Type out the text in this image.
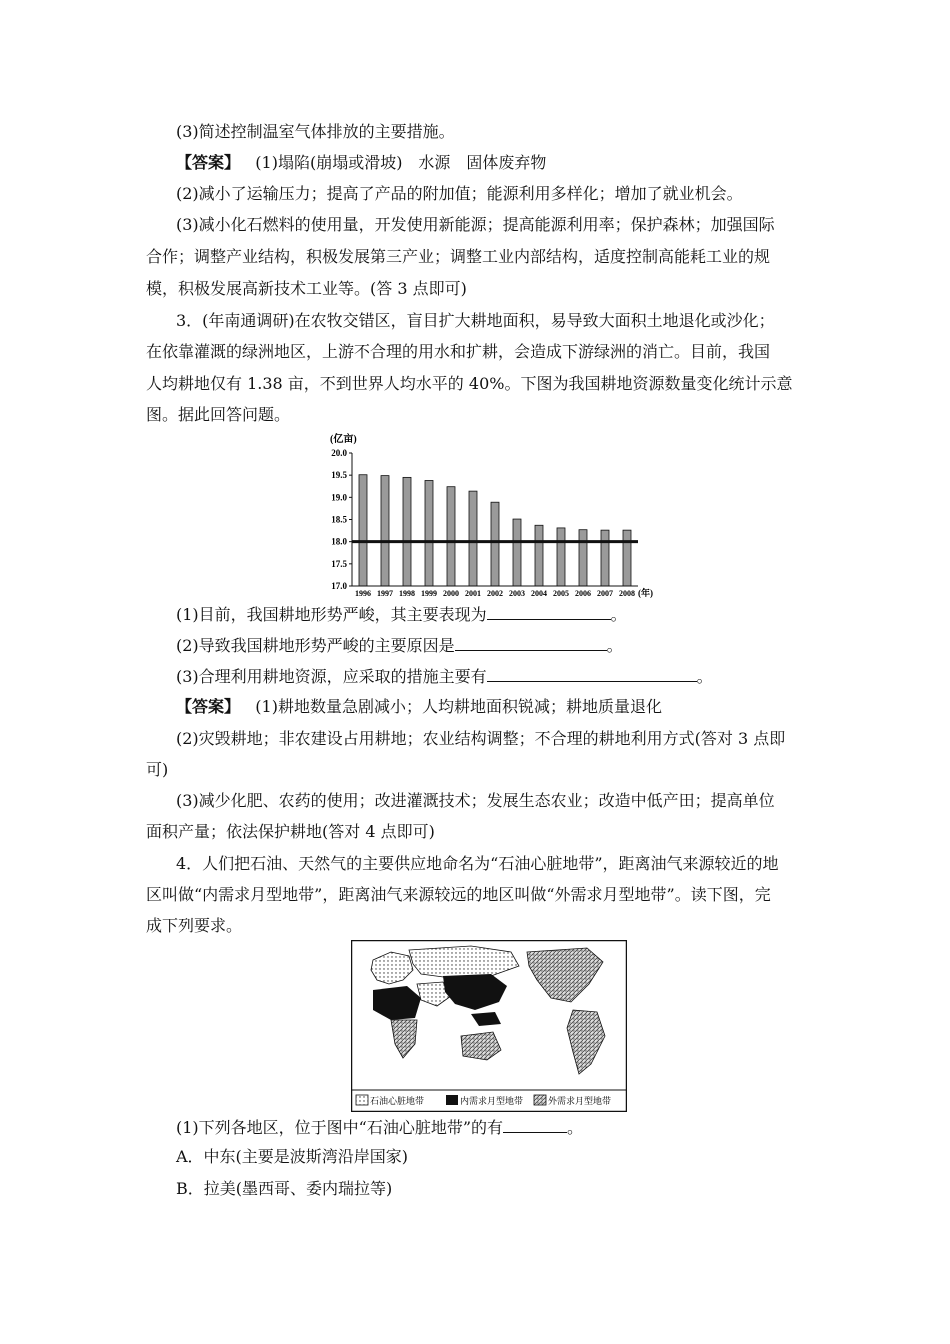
(3)简述控制温室气体排放的主要措施。
【答案】 (1)塌陷(崩塌或滑坡)　水源　固体废弃物
(2)减小了运输压力；提高了产品的附加值；能源利用多样化；增加了就业机会。
(3)减小化石燃料的使用量，开发使用新能源；提高能源利用率；保护森林；加强国际
合作；调整产业结构，积极发展第三产业；调整工业内部结构，适度控制高能耗工业的规
模，积极发展高新技术工业等。(答 3 点即可)
3．(年南通调研)在农牧交错区，盲目扩大耕地面积，易导致大面积土地退化或沙化；
在依靠灌溉的绿洲地区，上游不合理的用水和扩耕，会造成下游绿洲的消亡。目前，我国
人均耕地仅有 1.38 亩，不到世界人均水平的 40%。下图为我国耕地资源数量变化统计示意
图。据此回答问题。
(亿亩)
17.0
17.5
18.0
18.5
19.0
19.5
20.0
1996 1997 1998 1999 2000 2001 2002 2003 2004 2005 2006 2007 2008 (年)
(1)目前，我国耕地形势严峻，其主要表现为	。
(2)导致我国耕地形势严峻的主要原因是	。
(3)合理利用耕地资源，应采取的措施主要有	。
【答案】 (1)耕地数量急剧减小；人均耕地面积锐减；耕地质量退化
(2)灾毁耕地；非农建设占用耕地；农业结构调整；不合理的耕地利用方式(答对 3 点即
可)
(3)减少化肥、农药的使用；改进灌溉技术；发展生态农业；改造中低产田；提高单位
面积产量；依法保护耕地(答对 4 点即可)
4．人们把石油、天然气的主要供应地命名为“石油心脏地带”，距离油气来源较近的地
区叫做“内需求月型地带”，距离油气来源较远的地区叫做“外需求月型地带”。读下图，完
成下列要求。
石油心脏地带	内需求月型地带	外需求月型地带
(1)下列各地区，位于图中“石油心脏地带”的有	。
A．中东(主要是波斯湾沿岸国家)
B．拉美(墨西哥、委内瑞拉等)
